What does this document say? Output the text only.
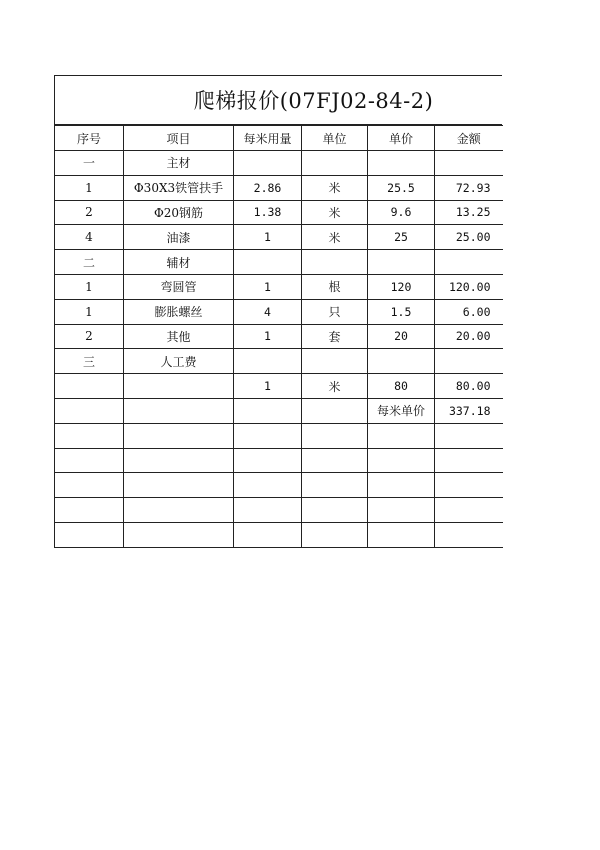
爬梯报价(07FJ02-84-2)
序号	项目	每米用量	单位	单价	金额
一	主材				
1	Φ30X3铁管扶手	2.86	米	25.5	72.93
2	Φ20钢筋	1.38	米	9.6	13.25
4	油漆	1	米	25	25.00
二	辅材				
1	弯圆管	1	根	120	120.00
1	膨胀螺丝	4	只	1.5	6.00
2	其他	1	套	20	20.00
三	人工费				
		1	米	80	80.00
				每米单价	337.18
